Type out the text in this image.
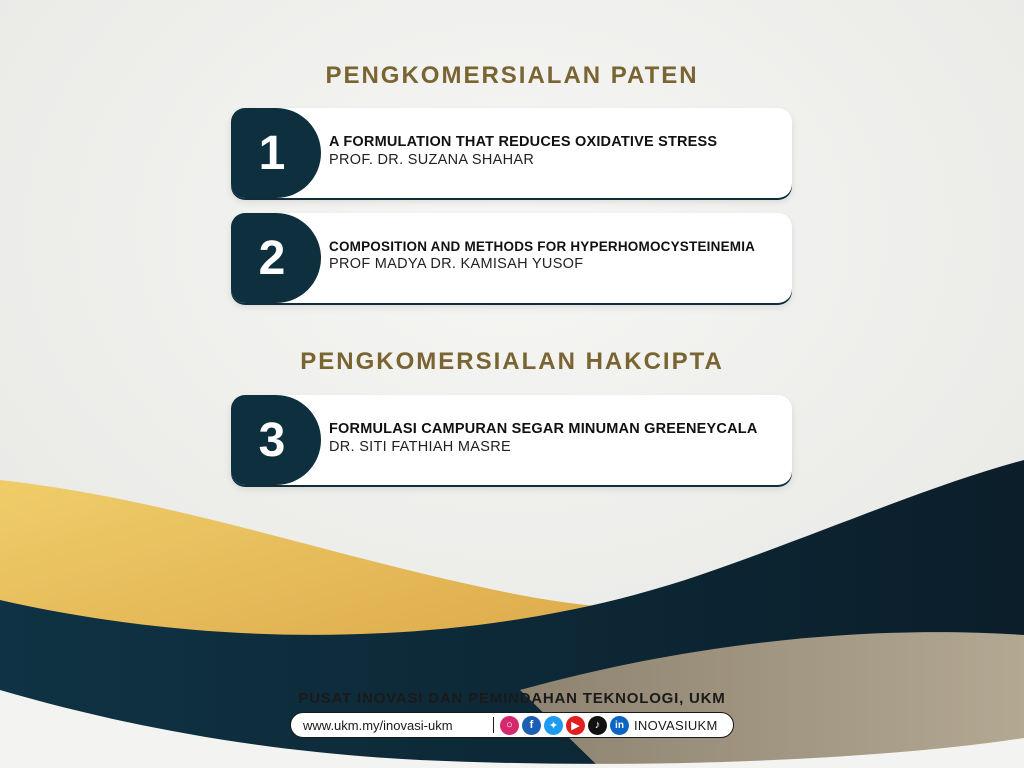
PENGKOMERSIALAN PATEN
1	A FORMULATION THAT REDUCES OXIDATIVE STRESS
PROF. DR. SUZANA SHAHAR
2	COMPOSITION AND METHODS FOR HYPERHOMOCYSTEINEMIA
PROF MADYA DR. KAMISAH YUSOF
PENGKOMERSIALAN HAKCIPTA
3	FORMULASI CAMPURAN SEGAR MINUMAN GREENEYCALA
DR. SITI FATHIAH MASRE
PUSAT INOVASI DAN PEMINDAHAN TEKNOLOGI, UKM
www.ukm.my/inovasi-ukm	○	f	✦	▶	♪	in INOVASIUKM
